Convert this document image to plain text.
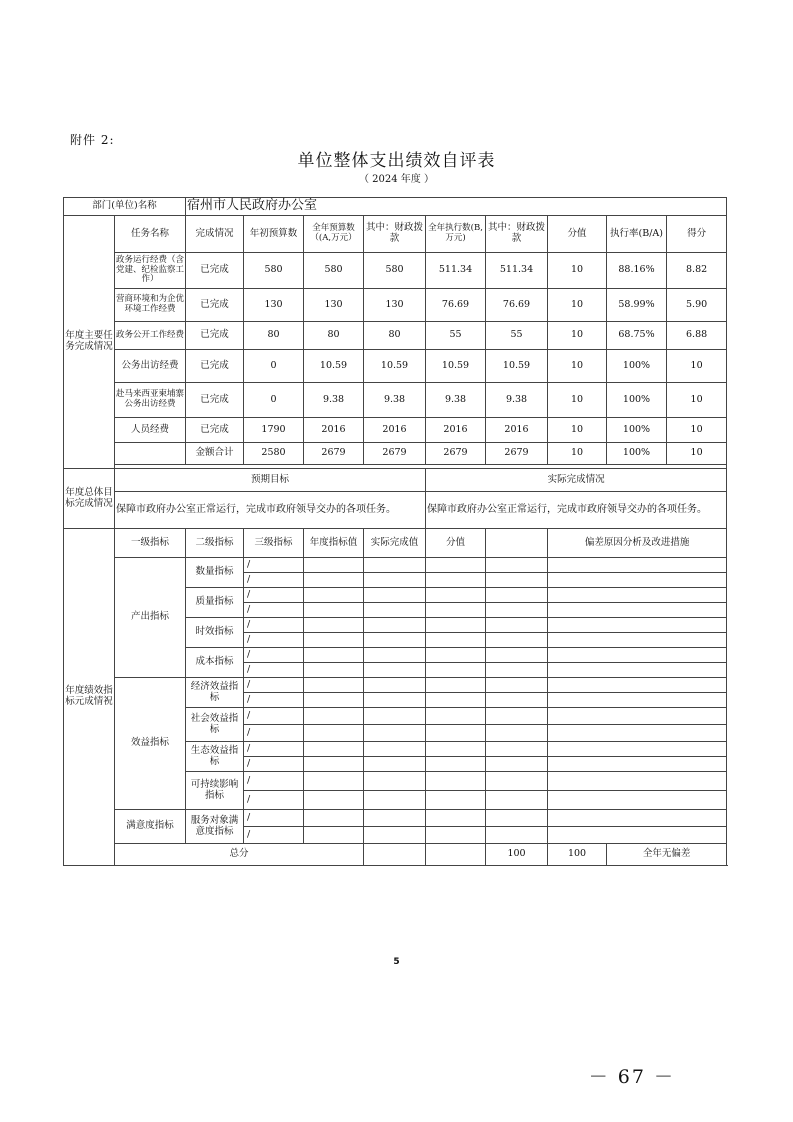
附件 2:
单位整体支出绩效自评表
（ 2024 年度 ）
部门(单位)名称		宿州市人民政府办公室								
年度主要任务完成情况	任务名称	完成情况	年初预算数	全年预算数（(A,万元）	其中：财政拨款	全年执行数(B,万元)	其中：财政拨款	分值	执行率(B/A)	得分
	政务运行经费（含党建、纪检监察工作）	已完成	580	580	580	511.34	511.34	10	88.16%	8.82
	营商环境和为企优环境工作经费	已完成	130	130	130	76.69	76.69	10	58.99%	5.90
	政务公开工作经费	已完成	80	80	80	55	55	10	68.75%	6.88
	公务出访经费	已完成	0	10.59	10.59	10.59	10.59	10	100%	10
	赴马来西亚柬埔寨公务出访经费	已完成	0	9.38	9.38	9.38	9.38	10	100%	10
	人员经费	已完成	1790	2016	2016	2016	2016	10	100%	10
		金额合计	2580	2679	2679	2679	2679	10	100%	10

年度总体目标完成情况	预期目标					实际完成情况				
	保障市政府办公室正常运行，完成市政府领导交办的各项任务。					保障市政府办公室正常运行，完成市政府领导交办的各项任务。				
年度绩效指标元成情祝	一级指标	二级指标	三级指标	年度指标值	实际完成值	分值		偏差原因分析及改进措施		
	产出指标	数量指标	/							
			/							
		质量指标	/							
			/							
		时效指标	/							
			/							
		成本指标	/							
			/							
	效益指标	经济效益指标	/							
			/							
		社会效益指标	/							
			/							
		生态效益指标	/							
			/							
		可持续影响指标	/							
			/							
	满意度指标	服务对象满意度指标	/							
			/							
	总分						100	100	全年无偏差	
5
－ 67 －
